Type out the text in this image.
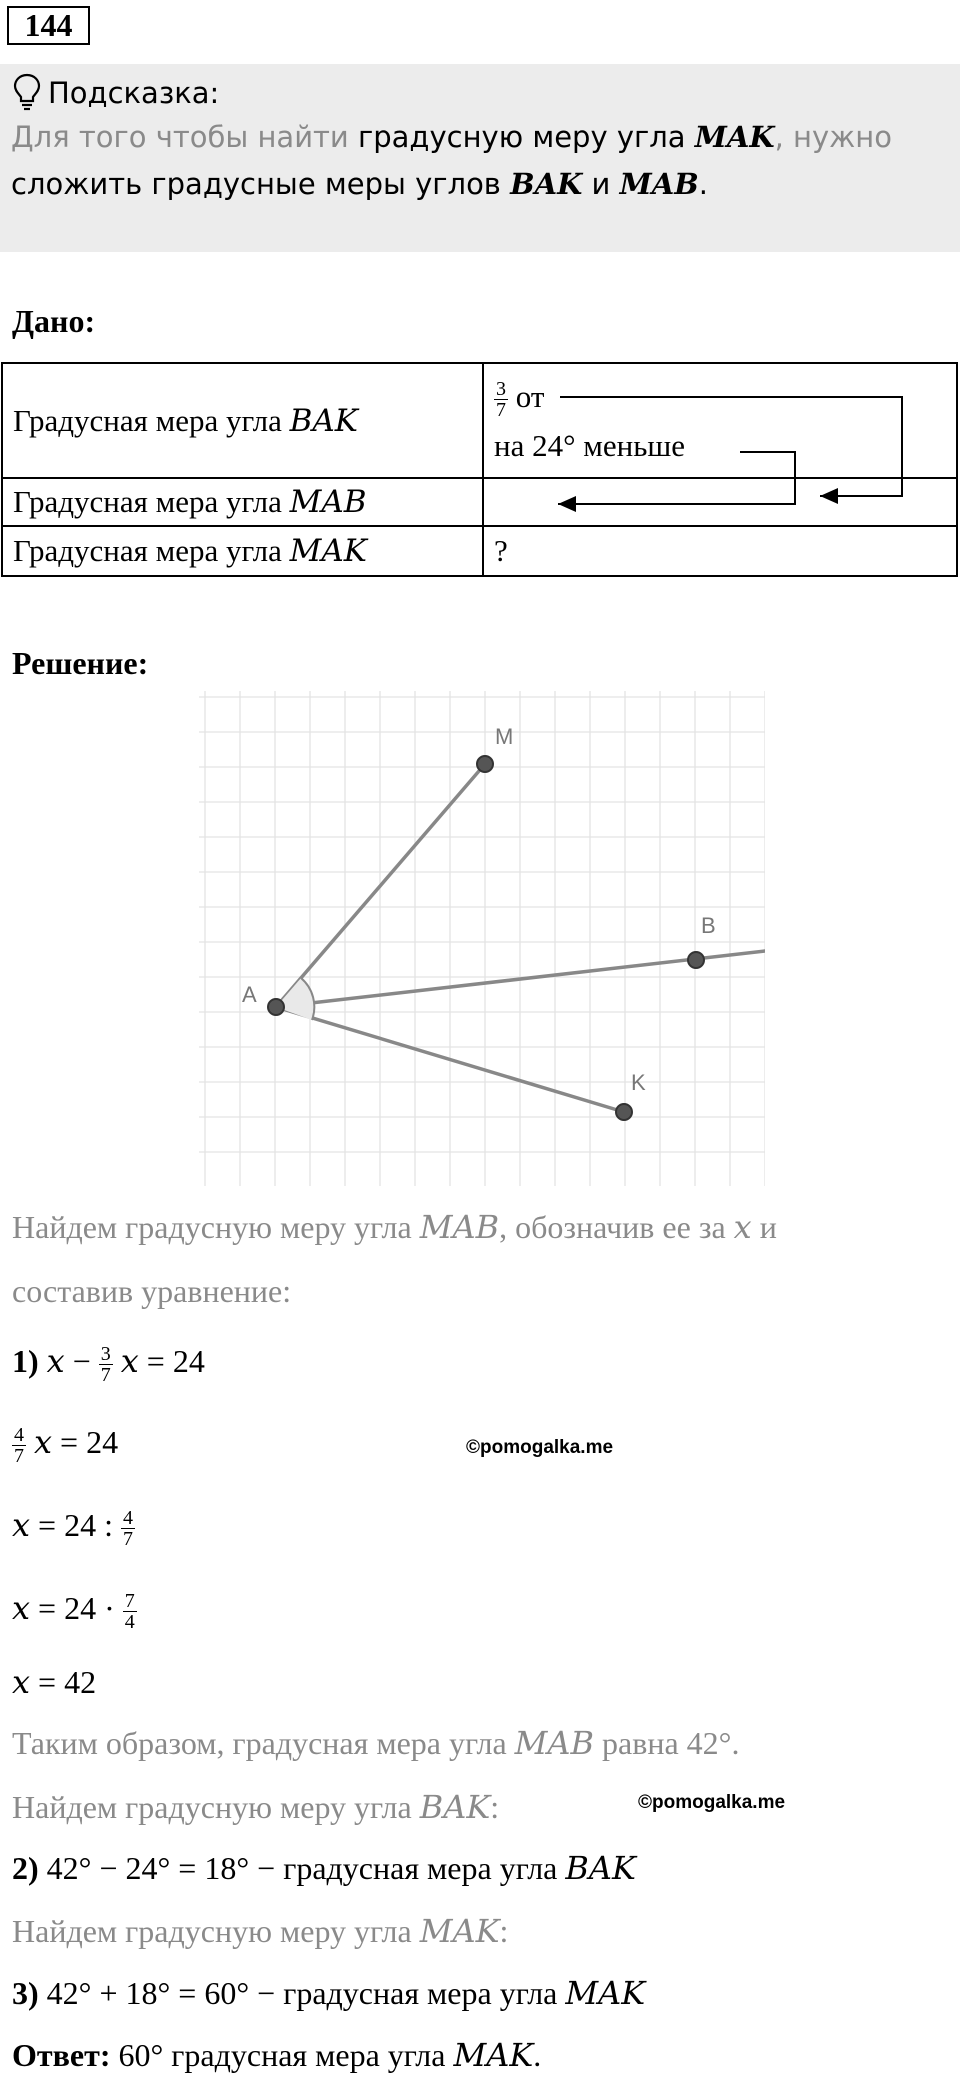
144
Подсказка:
Для того чтобы найти градусную меру угла MAK, нужно
сложить градусные меры углов BAK и MAB.
Дано:
Градусная мера угла BAK	$\frac{3}{7}$ от
на 24° меньше

Градусная мера угла MAB	
Градусная мера угла MAK	?
Решение:
M
B
A
K
Найдем градусную меру угла MAB, обозначив ее за x и
составив уравнение:
1) $x - \frac{3}{7}$ x = 24
$\frac{4}{7}$ x = 24	©pomogalka.me
x = 24 : $\frac{4}{7}$
$x = 24 \cdot \frac{7}{4}$
x = 42
Таким образом, градусная мера угла MAB равна 42°.
Найдем градусную меру угла BAK:	©pomogalka.me
2) 42° − 24° = 18° − градусная мера угла BAK
Найдем градусную меру угла MAK:
3) 42° + 18° = 60° − градусная мера угла MAK
Ответ: 60° градусная мера угла MAK.
